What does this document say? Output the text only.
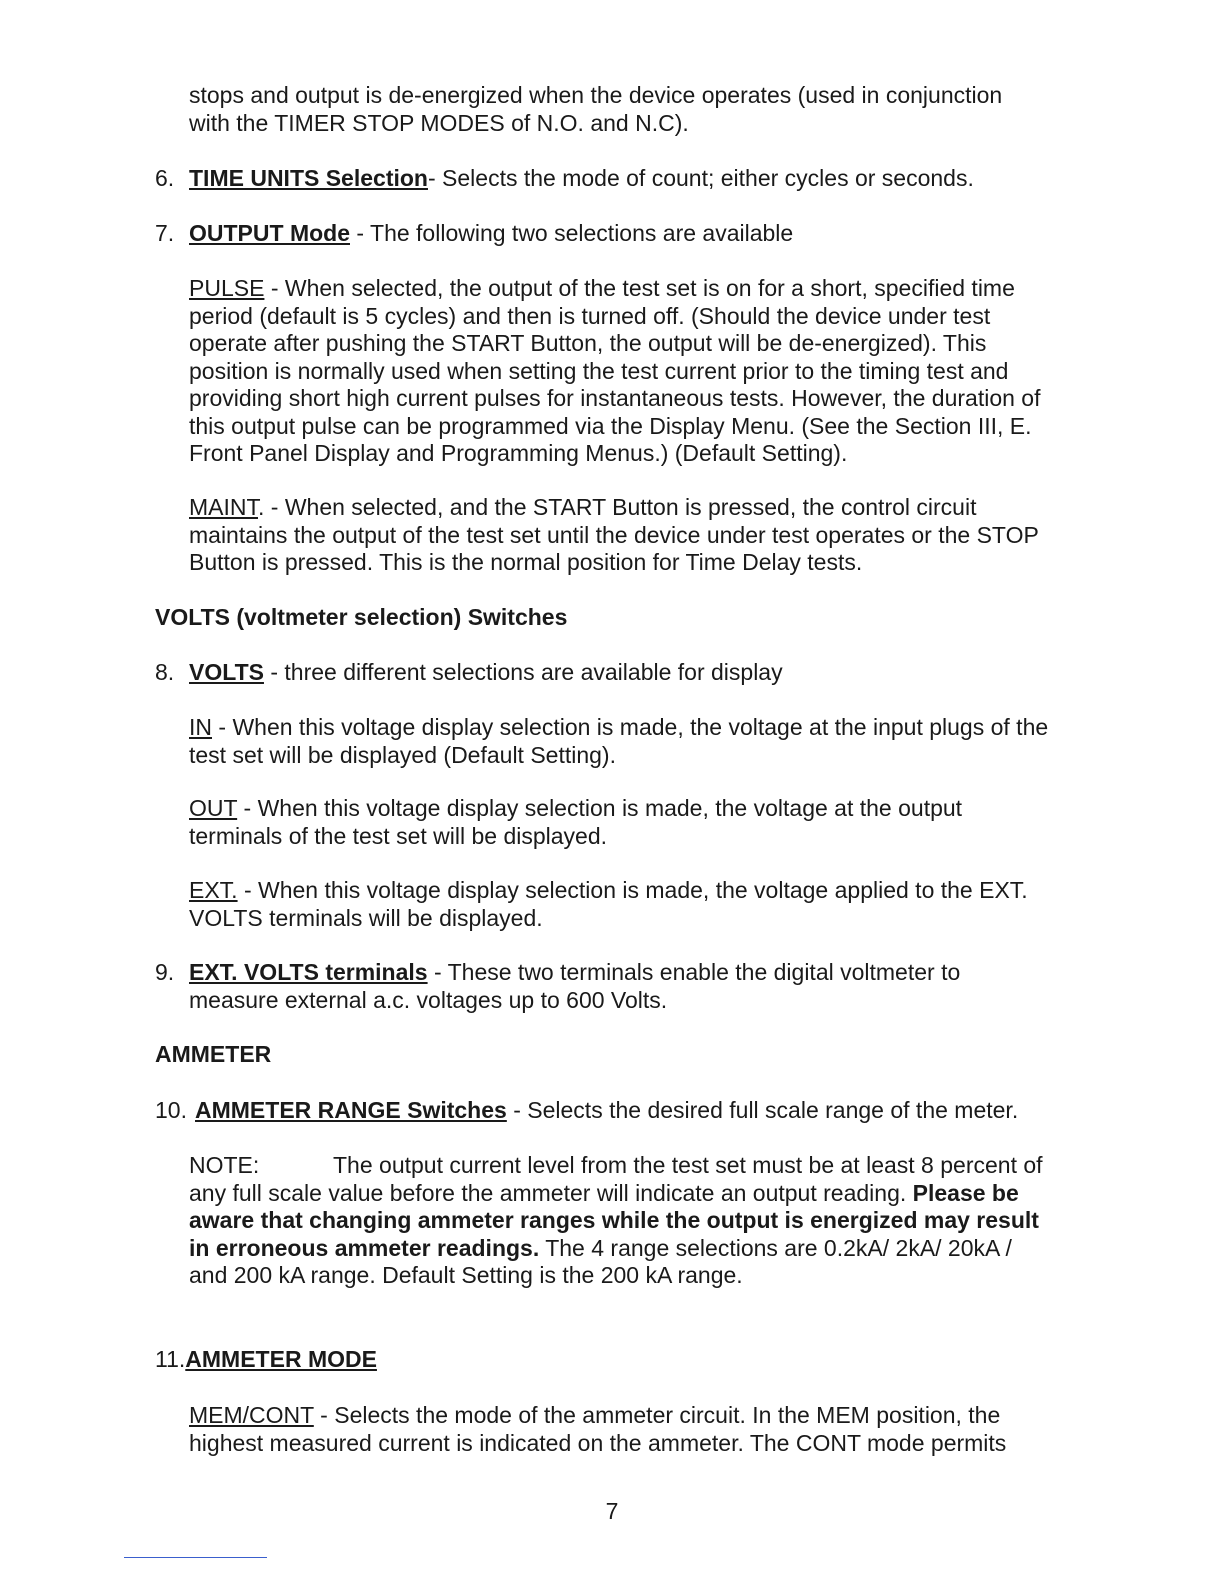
stops and output is de-energized when the device operates (used in conjunction
with the TIMER STOP MODES of N.O. and N.C).
6. TIME UNITS Selection- Selects the mode of count; either cycles or seconds.
7. OUTPUT Mode - The following two selections are available
PULSE - When selected, the output of the test set is on for a short, specified time
period (default is 5 cycles) and then is turned off. (Should the device under test
operate after pushing the START Button, the output will be de-energized). This
position is normally used when setting the test current prior to the timing test and
providing short high current pulses for instantaneous tests. However, the duration of
this output pulse can be programmed via the Display Menu. (See the Section III, E.
Front Panel Display and Programming Menus.) (Default Setting).
MAINT. - When selected, and the START Button is pressed, the control circuit
maintains the output of the test set until the device under test operates or the STOP
Button is pressed. This is the normal position for Time Delay tests.
VOLTS (voltmeter selection) Switches
8. VOLTS - three different selections are available for display
IN - When this voltage display selection is made, the voltage at the input plugs of the
test set will be displayed (Default Setting).
OUT - When this voltage display selection is made, the voltage at the output
terminals of the test set will be displayed.
EXT. - When this voltage display selection is made, the voltage applied to the EXT.
VOLTS terminals will be displayed.
9. EXT. VOLTS terminals - These two terminals enable the digital voltmeter to
measure external a.c. voltages up to 600 Volts.
AMMETER
10. AMMETER RANGE Switches - Selects the desired full scale range of the meter.
NOTE:	The output current level from the test set must be at least 8 percent of
any full scale value before the ammeter will indicate an output reading. Please be
aware that changing ammeter ranges while the output is energized may result
in erroneous ammeter readings. The 4 range selections are 0.2kA/ 2kA/ 20kA /
and 200 kA range. Default Setting is the 200 kA range.
11.AMMETER MODE
MEM/CONT - Selects the mode of the ammeter circuit. In the MEM position, the
highest measured current is indicated on the ammeter. The CONT mode permits
7
